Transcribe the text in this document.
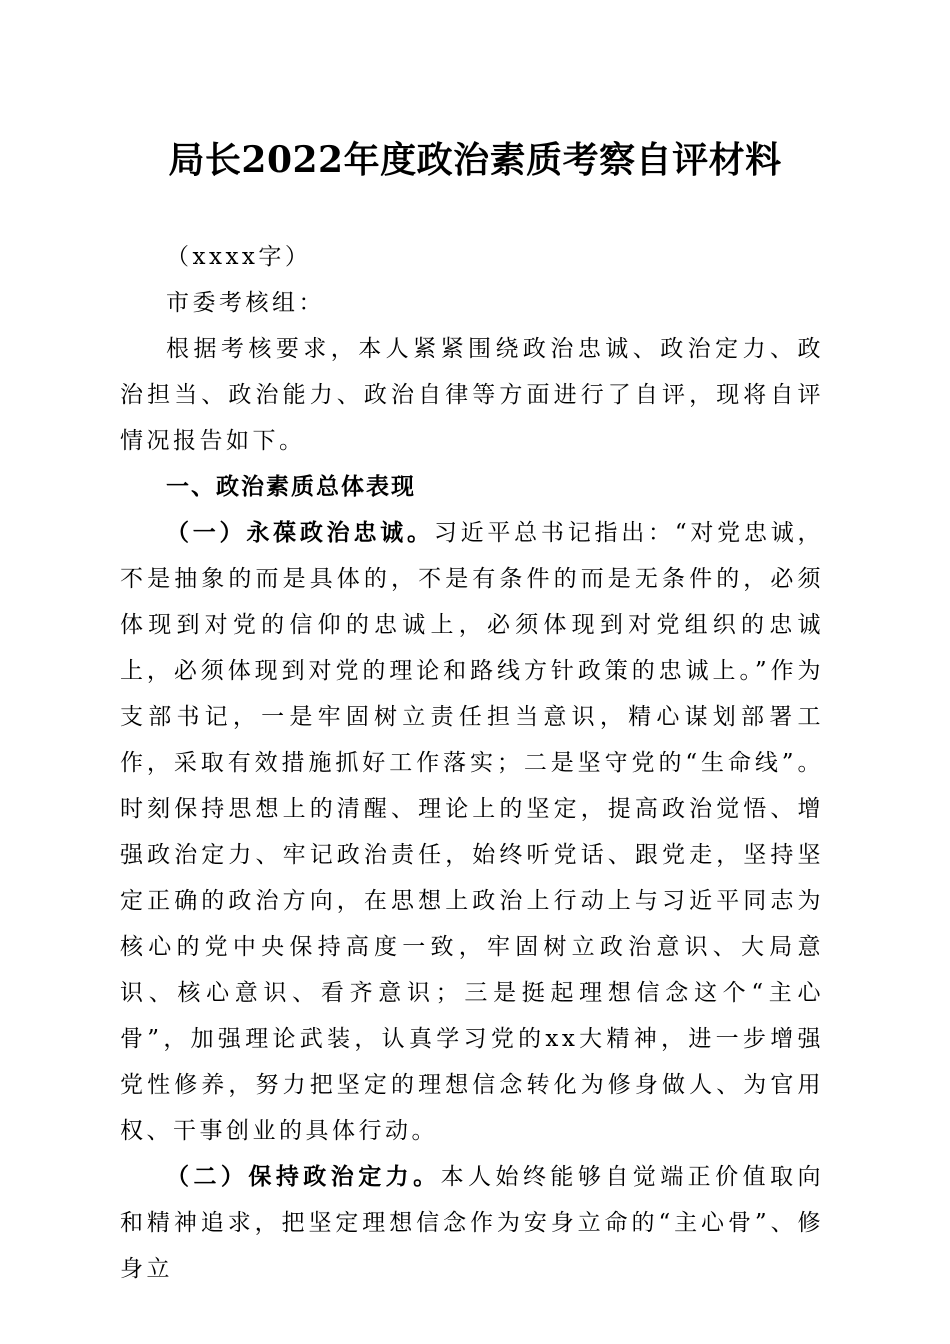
局长2022年度政治素质考察自评材料

（xxxx字）

市委考核组：

根据考核要求，本人紧紧围绕政治忠诚、政治定力、政治担当、政治能力、政治自律等方面进行了自评，现将自评情况报告如下。

一、政治素质总体表现

（一）永葆政治忠诚。习近平总书记指出：“对党忠诚，不是抽象的而是具体的，不是有条件的而是无条件的，必须体现到对党的信仰的忠诚上，必须体现到对党组织的忠诚上，必须体现到对党的理论和路线方针政策的忠诚上。”作为支部书记，一是牢固树立责任担当意识，精心谋划部署工作，采取有效措施抓好工作落实；二是坚守党的“生命线”。时刻保持思想上的清醒、理论上的坚定，提高政治觉悟、增强政治定力、牢记政治责任，始终听党话、跟党走，坚持坚定正确的政治方向，在思想上政治上行动上与习近平同志为核心的党中央保持高度一致，牢固树立政治意识、大局意识、核心意识、看齐意识；三是挺起理想信念这个“主心骨”，加强理论武装，认真学习党的xx大精神，进一步增强党性修养，努力把坚定的理想信念转化为修身做人、为官用权、干事创业的具体行动。

（二）保持政治定力。本人始终能够自觉端正价值取向和精神追求，把坚定理想信念作为安身立命的“主心骨”、修身立
